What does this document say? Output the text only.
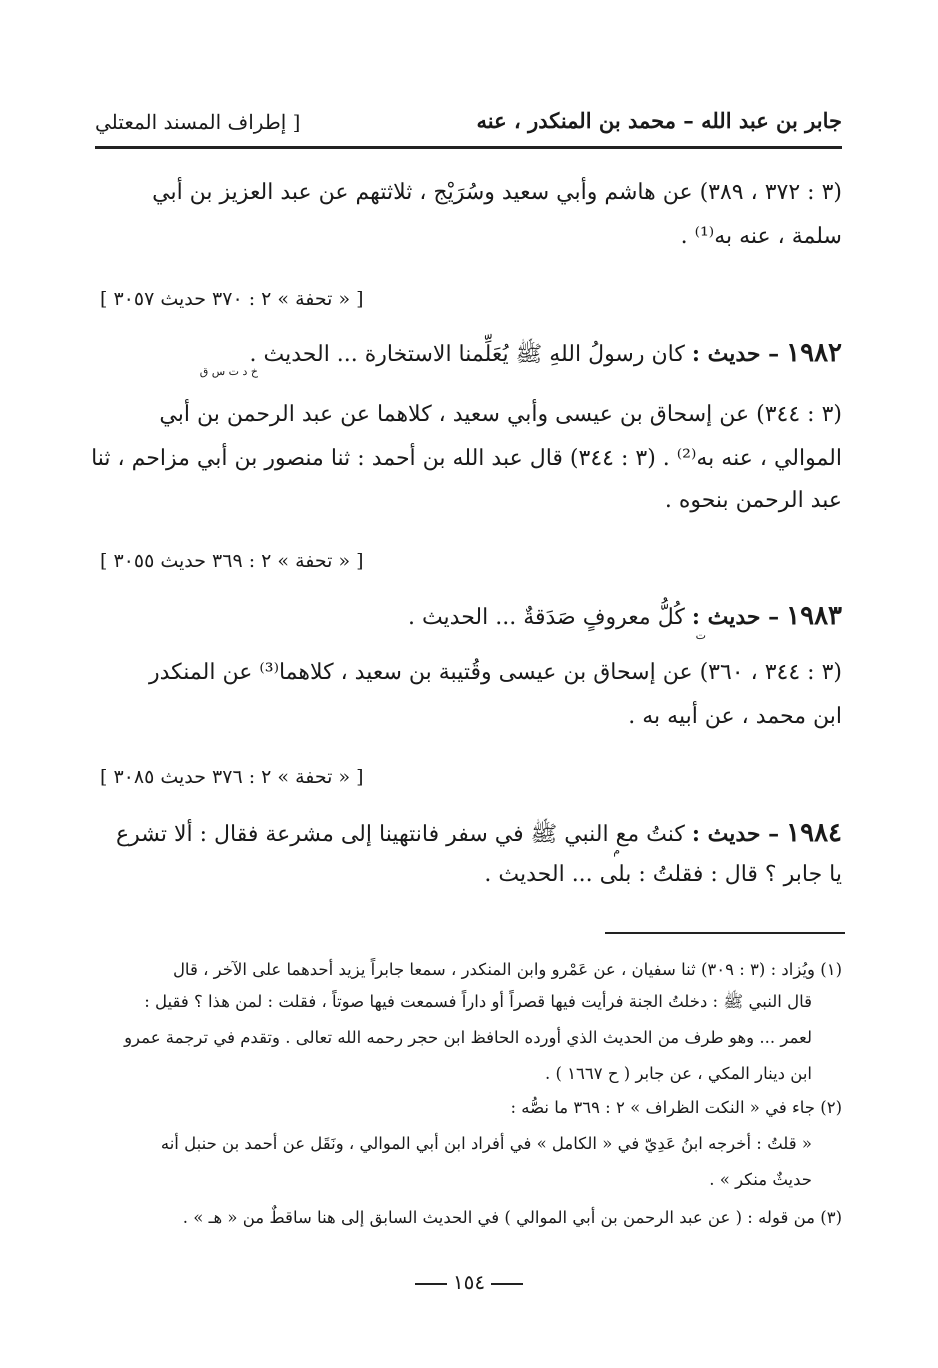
جابر بن عبد الله – محمد بن المنكدر ، عنه
[ إطراف المسند المعتلي
(٣ : ٣٧٢ ، ٣٨٩) عن هاشم وأبي سعيد وسُرَيْج ، ثلاثتهم عن عبد العزيز بن أبي
سلمة ، عنه به⁽¹⁾ .
[ « تحفة » ٢ : ٣٧٠ حديث ٣٠٥٧ ]
١٩٨٢ – حديث : كان رسولُ اللهِ ﷺ يُعَلِّمنا الاستخارة ... الحديث .
خ د ت س ق
(٣ : ٣٤٤) عن إسحاق بن عيسى وأبي سعيد ، كلاهما عن عبد الرحمن بن أبي
الموالي ، عنه به⁽²⁾ . (٣ : ٣٤٤) قال عبد الله بن أحمد : ثنا منصور بن أبي مزاحم ، ثنا
عبد الرحمن بنحوه .
[ « تحفة » ٢ : ٣٦٩ حديث ٣٠٥٥ ]
١٩٨٣ – حديث : كُلُّ معروفٍ صَدَقةٌ ... الحديث .
ت
(٣ : ٣٤٤ ، ٣٦٠) عن إسحاق بن عيسى وقُتيبة بن سعيد ، كلاهما⁽³⁾ عن المنكدر
ابن محمد ، عن أبيه به .
[ « تحفة » ٢ : ٣٧٦ حديث ٣٠٨٥ ]
١٩٨٤ – حديث : كنتُ مع النبي ﷺ في سفر فانتهينا إلى مشرعة فقال : ألا تشرع
م
يا جابر ؟ قال : فقلتُ : بلى ... الحديث .
(١) ويُزاد : (٣ : ٣٠٩) ثنا سفيان ، عن عَمْرو وابن المنكدر ، سمعا جابراً يزيد أحدهما على الآخر ، قال
قال النبي ﷺ : دخلتُ الجنة فرأيت فيها قصراً أو داراً فسمعت فيها صوتاً ، فقلت : لمن هذا ؟ فقيل :
لعمر ... وهو طرف من الحديث الذي أورده الحافظ ابن حجر رحمه الله تعالى . وتقدم في ترجمة عمرو
ابن دينار المكي ، عن جابر ( ح ١٦٦٧ ) .
(٢) جاء في « النكت الظراف » ٢ : ٣٦٩ ما نصُّه :
« قلتُ : أخرجه ابنُ عَدِيّ في « الكامل » في أفراد ابن أبي الموالي ، ونَقَل عن أحمد بن حنبل أنه
حديثٌ منكر » .
(٣) من قوله : ( عن عبد الرحمن بن أبي الموالي ) في الحديث السابق إلى هنا ساقطٌ من « هـ » .
١٥٤
